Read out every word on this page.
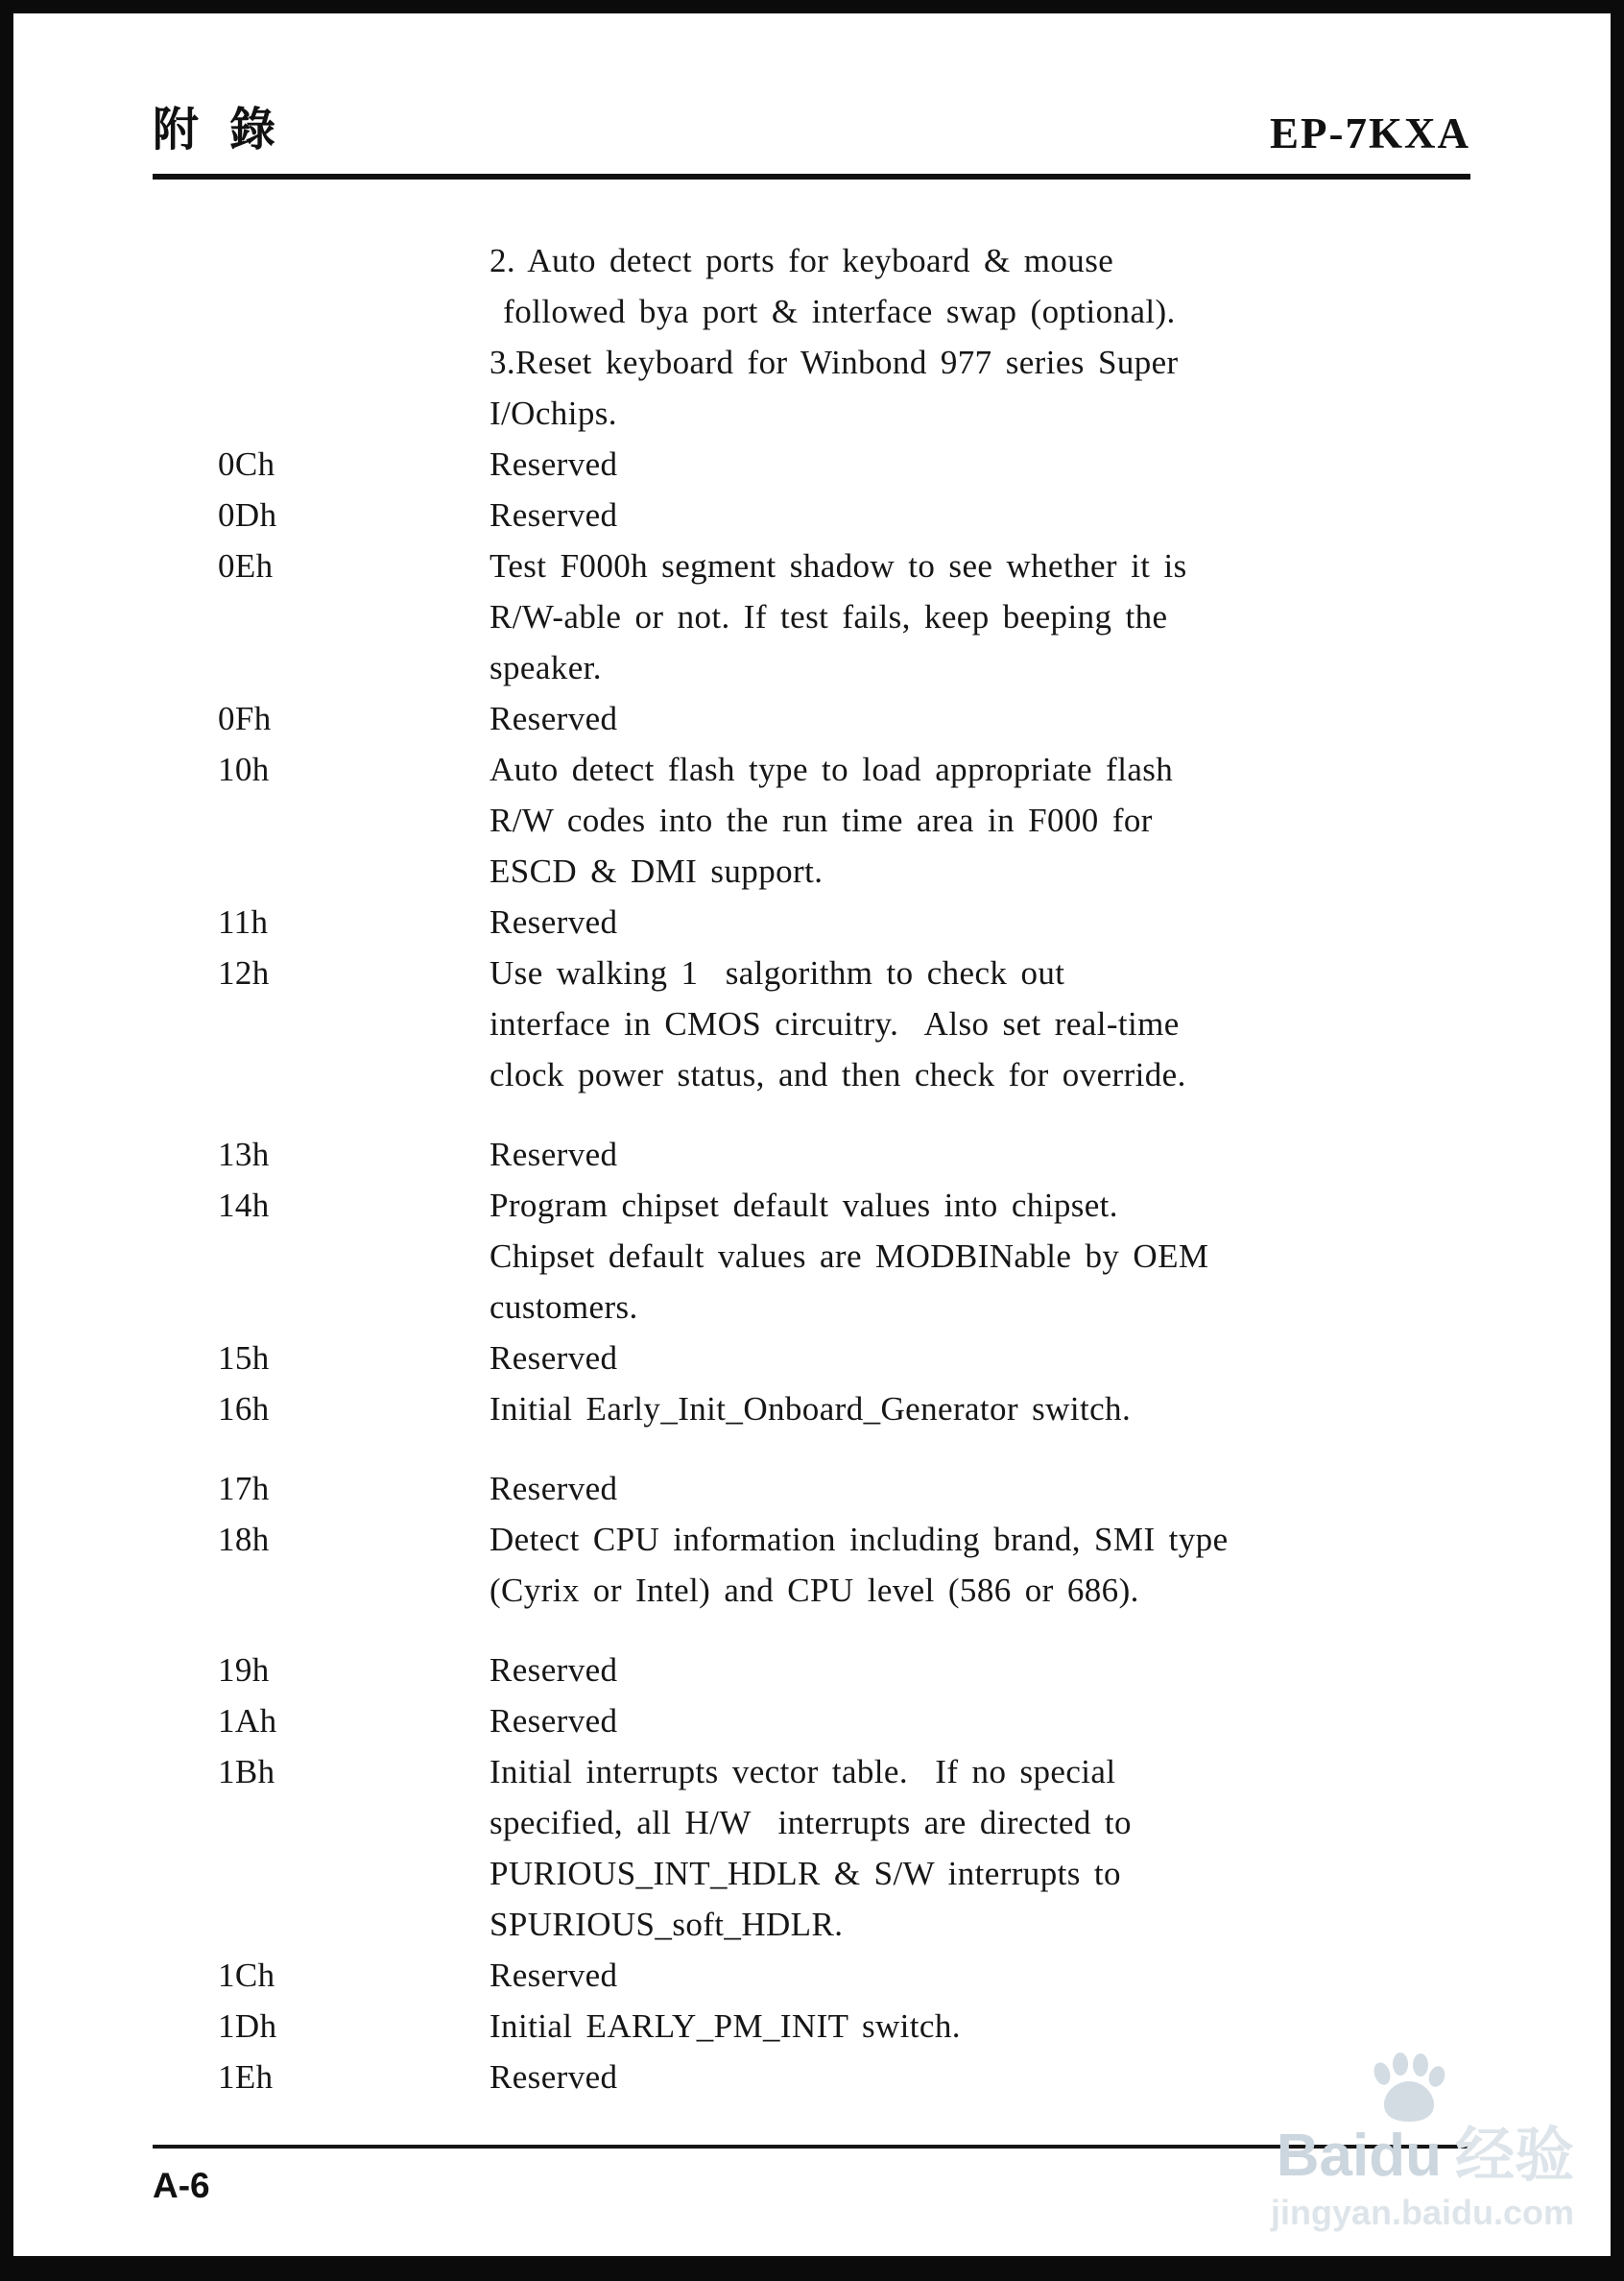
附 錄	EP-7KXA
2. Auto detect ports for keyboard & mouse
followed bya port & interface swap (optional).
3.Reset keyboard for Winbond 977 series Super
I/Ochips.
0Ch	Reserved
0Dh	Reserved
0Eh	Test F000h segment shadow to see whether it is
R/W-able or not. If test fails, keep beeping the
speaker.
0Fh	Reserved
10h	Auto detect flash type to load appropriate flash
R/W codes into the run time area in F000 for
ESCD & DMI support.
11h	Reserved
12h	Use walking 1  salgorithm to check out
interface in CMOS circuitry.  Also set real-time
clock power status, and then check for override.
13h	Reserved
14h	Program chipset default values into chipset.
Chipset default values are MODBINable by OEM
customers.
15h	Reserved
16h	Initial Early_Init_Onboard_Generator switch.
17h	Reserved
18h	Detect CPU information including brand, SMI type
(Cyrix or Intel) and CPU level (586 or 686).
19h	Reserved
1Ah	Reserved
1Bh	Initial interrupts vector table.  If no special
specified, all H/W  interrupts are directed to
PURIOUS_INT_HDLR & S/W interrupts to
SPURIOUS_soft_HDLR.
1Ch	Reserved
1Dh	Initial EARLY_PM_INIT switch.
1Eh	Reserved
A-6	Baidu 经验
jingyan.baidu.com
